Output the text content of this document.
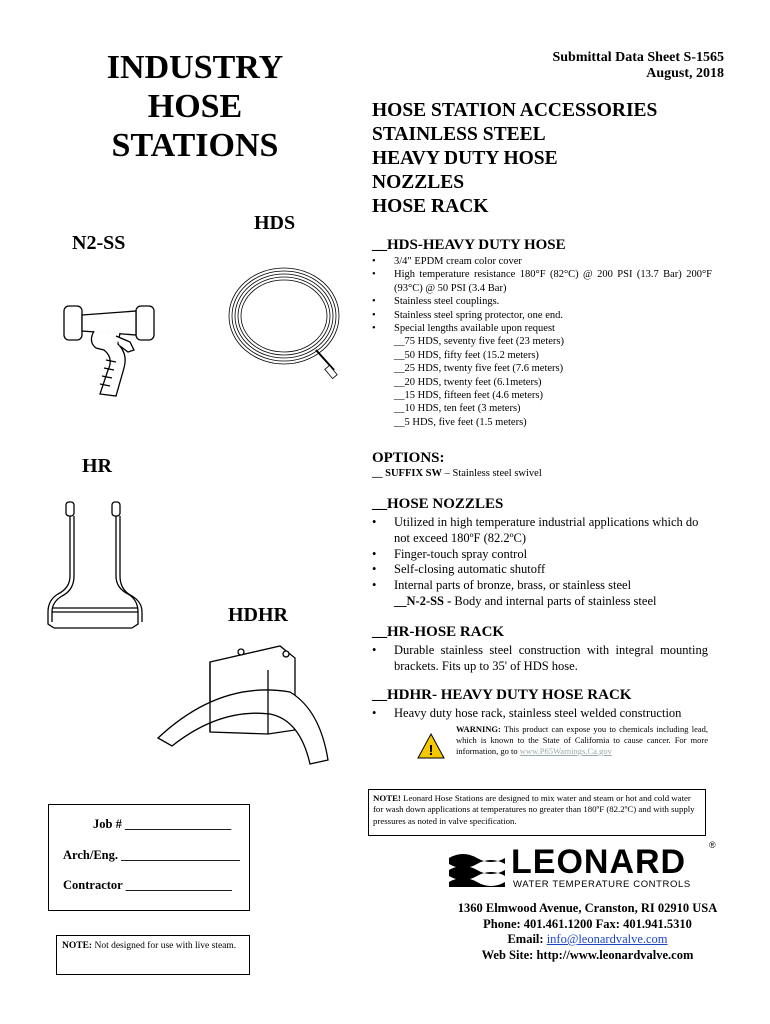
INDUSTRY
HOSE
STATIONS
Submittal Data Sheet S-1565
August, 2018
HOSE STATION ACCESSORIES
STAINLESS STEEL
HEAVY DUTY HOSE
NOZZLES
HOSE RACK
N2-SS
HDS
HR
HDHR
__HDS-HEAVY DUTY HOSE
• 3/4" EPDM cream color cover
• High temperature resistance 180°F (82°C) @ 200 PSI (13.7 Bar) 200°F (93°C) @ 50 PSI (3.4 Bar)
• Stainless steel couplings.
• Stainless steel spring protector, one end.
• Special lengths available upon request
__75 HDS, seventy five feet (23 meters)
__50 HDS, fifty feet (15.2 meters)
__25 HDS, twenty five feet (7.6 meters)
__20 HDS, twenty feet (6.1meters)
__15 HDS, fifteen feet (4.6 meters)
__10 HDS, ten feet (3 meters)
__5 HDS, five feet (1.5 meters)
OPTIONS:
__ SUFFIX SW – Stainless steel swivel
__HOSE NOZZLES
• Utilized in high temperature industrial applications which do not exceed 180ºF (82.2ºC)
• Finger-touch spray control
• Self-closing automatic shutoff
• Internal parts of bronze, brass, or stainless steel
__N-2-SS - Body and internal parts of stainless steel
__HR-HOSE RACK
• Durable stainless steel construction with integral mounting brackets. Fits up to 35' of HDS hose.
__HDHR- HEAVY DUTY HOSE RACK
• Heavy duty hose rack, stainless steel welded construction
!
WARNING: This product can expose you to chemicals including lead, which is known to the State of California to cause cancer. For more information, go to www.P65Warnings.Ca.gov
NOTE! Leonard Hose Stations are designed to mix water and steam or hot and cold water for wash down applications at temperatures no greater than 180ºF (82.2ºC) and with supply pressures as noted in valve specification.
Job # _________________
Arch/Eng. ___________________
Contractor _________________
NOTE: Not designed for use with live steam.
LEONARD	®
WATER TEMPERATURE CONTROLS
1360 Elmwood Avenue, Cranston, RI 02910 USA
Phone: 401.461.1200 Fax: 401.941.5310
Email: info@leonardvalve.com
Web Site: http://www.leonardvalve.com
